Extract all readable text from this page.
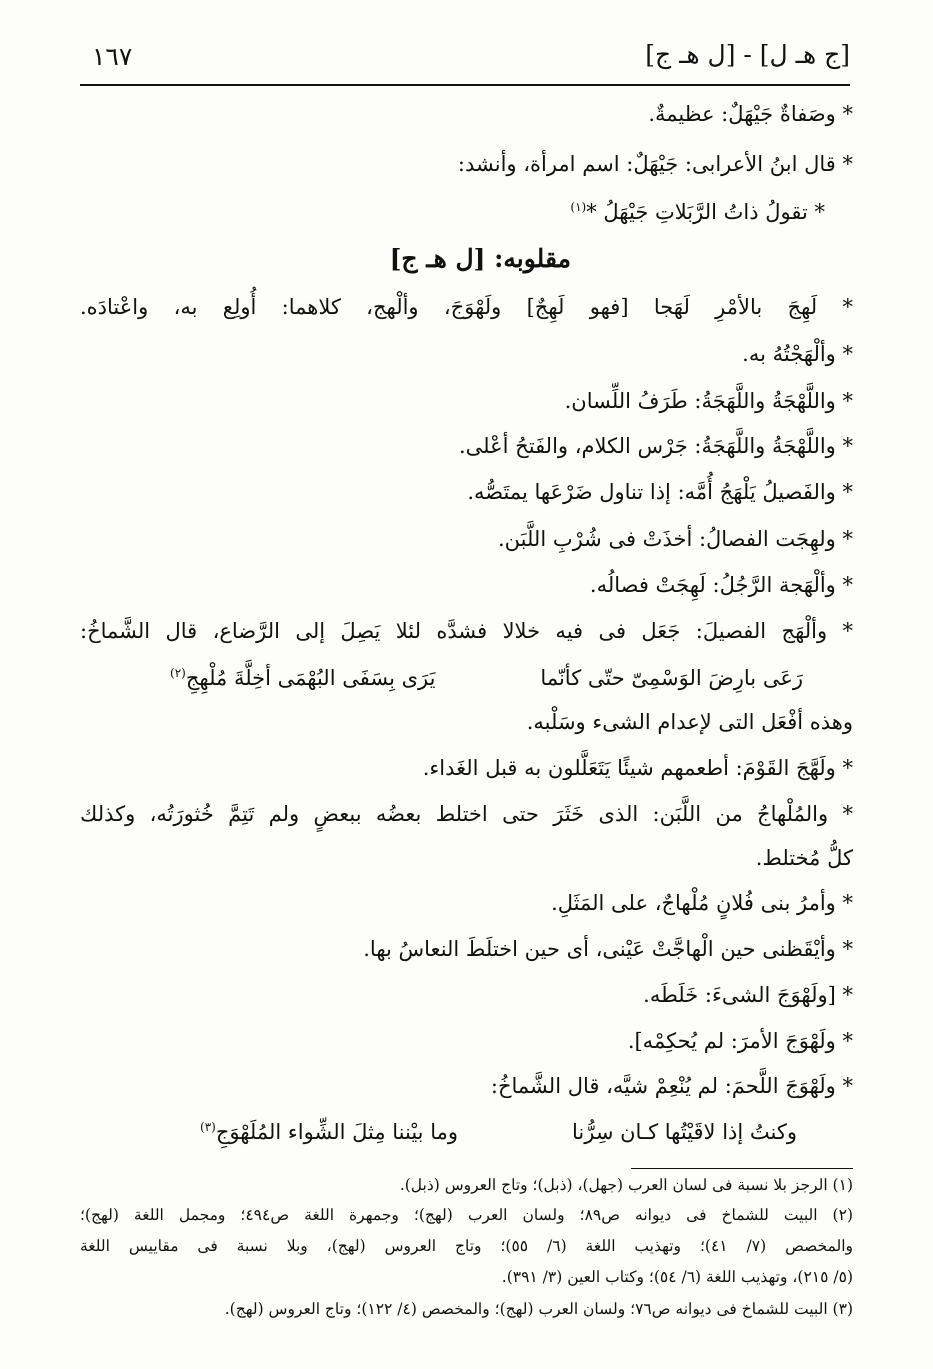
[ج هـ ل] - [ل هـ ج]
١٦٧
* وصَفاةٌ جَيْهَلٌ: عظيمةٌ.
* قال ابنُ الأعرابى: جَيْهَلٌ: اسم امرأة، وأنشد:
* تقولُ ذاتُ الرَّبَلاتِ جَيْهَلُ *$^{(١)}$
مقلوبه: [ل هـ ج]
* لَهِجَ بالأمْرِ لَهَجا [فهو لَهِجٌ] ولَهْوَجَ، وألْهج، كلاهما: أُولِع به، واعْتادَه.
* وألْهَجْتُهُ به.
* واللَّهْجَةُ واللَّهَجَةُ: طَرَفُ اللِّسان.
* واللَّهْجَةُ واللَّهَجَةُ: جَرْس الكلام، والفَتحُ أعْلى.
* والفَصيلُ يَلْهَجُ أُمَّه: إذا تناول ضَرْعَها يمتَصُّه.
* ولهِجَت الفصالُ: أخذَتْ فى شُرْبِ اللَّبَن.
* وألْهَجة الرَّجُلُ: لَهِجَتْ فصالُه.
* وألْهَج الفصيلَ: جَعَل فى فيه خلالا فشدَّه لئلا يَصِلَ إلى الرَّضاع، قال الشَّماخُ:
رَعَى بارِضَ الوَسْمِىّ حتّى كأنّما
يَرَى بِسَفَى البُهْمَى أخِلَّةَ مُلْهِجِ$^{(٢)}$
وهذه أفْعَل التى لإعدام الشىء وسَلْبه.
* ولَهَّجَ القَوْمَ: أطعمهم شيئًا يَتَعَلَّلون به قبل الغَداء.
* والمُلْهاجُ من اللَّبَن: الذى خَثَرَ حتى اختلط بعضُه ببعضٍ ولم تَتِمَّ خُثورَتُه، وكذلك
كلُّ مُختلط.
* وأمرُ بنى فُلانٍ مُلْهاجٌ، على المَثَلِ.
* وأيْقَظنى حين الْهاجَّتْ عَيْنى، أى حين اختلَطَ النعاسُ بها.
* [ولَهْوَجَ الشىءَ: خَلَطَه.
* ولَهْوَجَ الأمرَ: لم يُحكِمْه].
* ولَهْوَجَ اللَّحمَ: لم يُنْعِمْ شيَّه، قال الشَّماخُ:
وكنتُ إذا لاقَيْتُها كـان سِرُّنا
وما بيْننا مِثلَ الشِّواء المُلَهْوَجِ$^{(٣)}$
(١) الرجز بلا نسبة فى لسان العرب (جهل)، (ذبل)؛ وتاج العروس (ذبل).
(٢) البيت للشماخ فى ديوانه ص٨٩؛ ولسان العرب (لهج)؛ وجمهرة اللغة ص٤٩٤؛ ومجمل اللغة (لهج)؛
والمخصص (٧/ ٤١)؛ وتهذيب اللغة (٦/ ٥٥)؛ وتاج العروس (لهج)، وبلا نسبة فى مقاييس اللغة
(٥/ ٢١٥)، وتهذيب اللغة (٦/ ٥٤)؛ وكتاب العين (٣/ ٣٩١).
(٣) البيت للشماخ فى ديوانه ص٧٦؛ ولسان العرب (لهج)؛ والمخصص (٤/ ١٢٢)؛ وتاج العروس (لهج).
